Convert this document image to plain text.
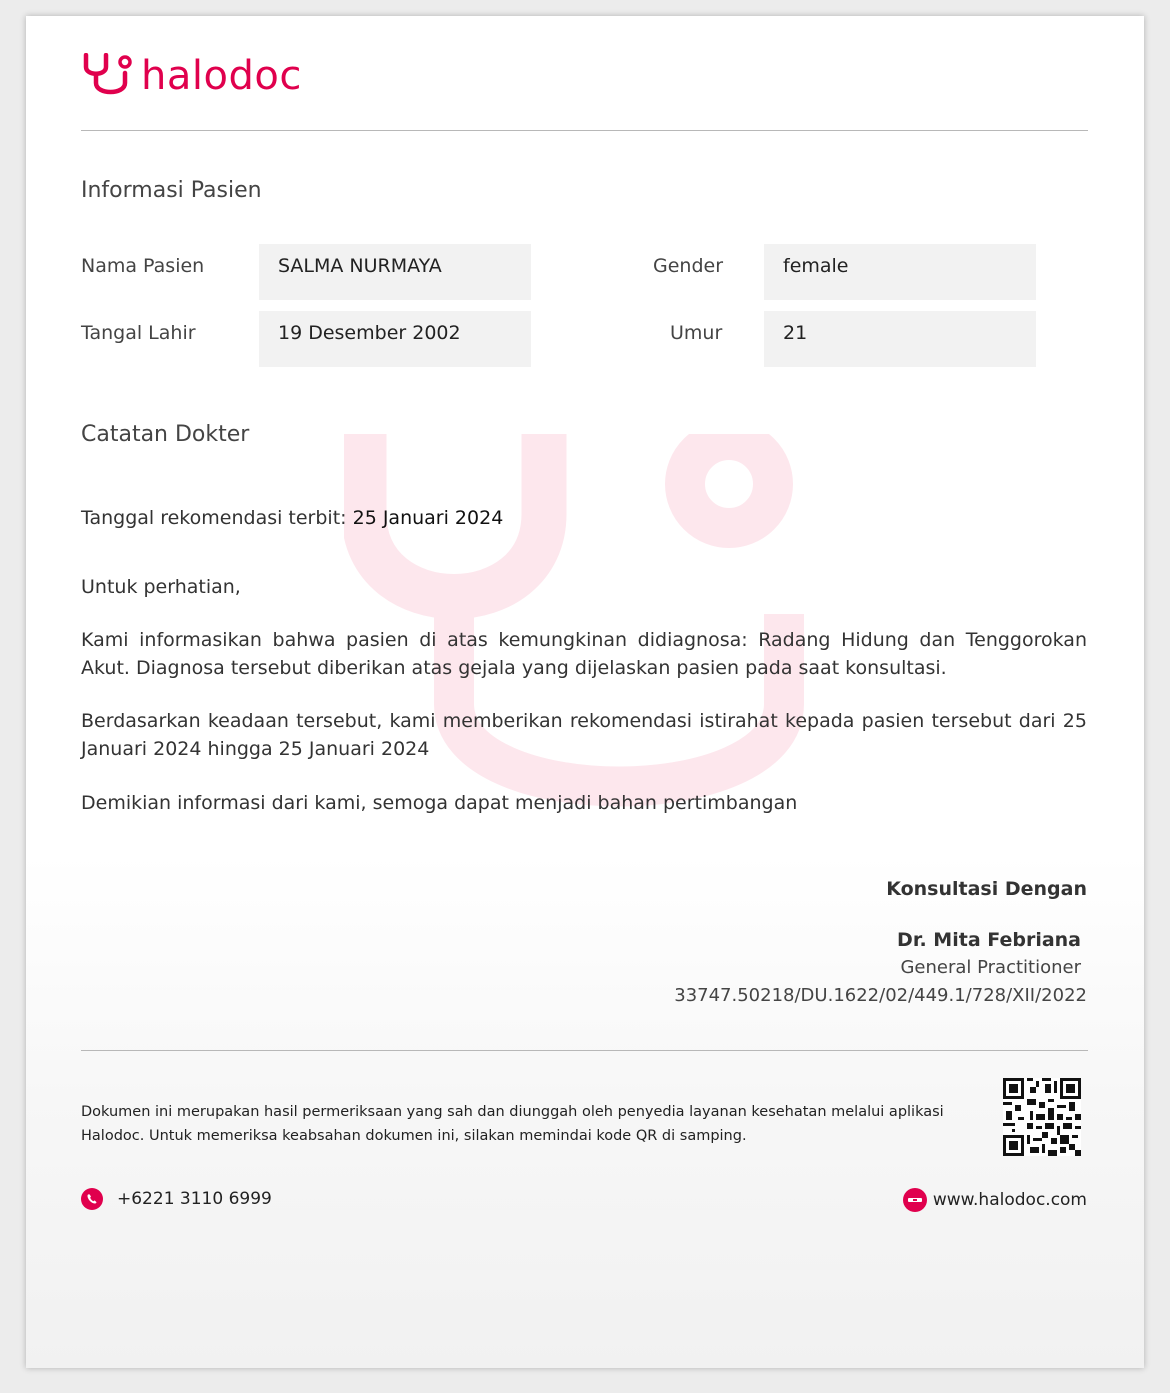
halodoc
Informasi Pasien
Nama Pasien	SALMA NURMAYA	Gender	female
Tangal Lahir	19 Desember 2002	Umur	21
Catatan Dokter
Tanggal rekomendasi terbit: 25 Januari 2024
Untuk perhatian,
Kami informasikan bahwa pasien di atas kemungkinan didiagnosa: Radang Hidung dan Tenggorokan Akut. Diagnosa tersebut diberikan atas gejala yang dijelaskan pasien pada saat konsultasi.
Berdasarkan keadaan tersebut, kami memberikan rekomendasi istirahat kepada pasien tersebut dari 25 Januari 2024 hingga 25 Januari 2024
Demikian informasi dari kami, semoga dapat menjadi bahan pertimbangan
Konsultasi Dengan
Dr. Mita Febriana
General Practitioner
33747.50218/DU.1622/02/449.1/728/XII/2022
Dokumen ini merupakan hasil permeriksaan yang sah dan diunggah oleh penyedia layanan kesehatan melalui aplikasi Halodoc. Untuk memeriksa keabsahan dokumen ini, silakan memindai kode QR di samping.
+6221 3110 6999	www.halodoc.com
